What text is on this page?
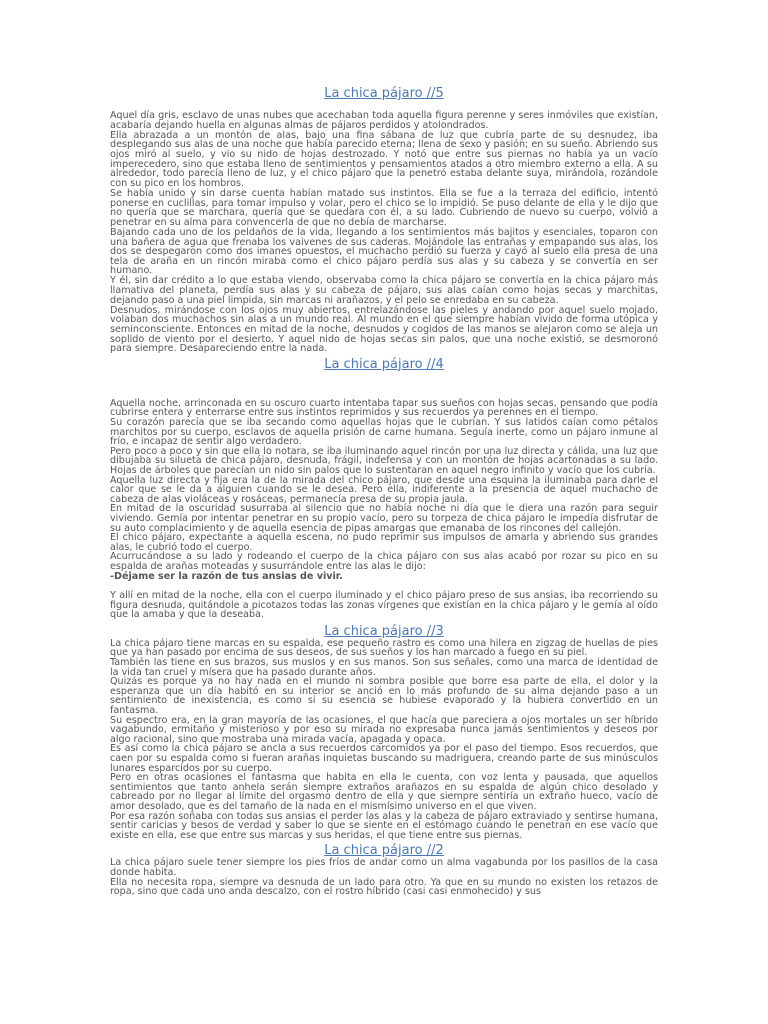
La chica pájaro //5

Aquel día gris, esclavo de unas nubes que acechaban toda aquella figura perenne y seres inmóviles que existían, acabaría dejando huella en algunas almas de pájaros perdidos y atolondrados.

Ella abrazada a un montón de alas, bajo una fina sábana de luz que cubría parte de su desnudez, iba desplegando sus alas de una noche que había parecido eterna; llena de sexo y pasión; en su sueño. Abriendo sus ojos miró al suelo, y vio su nido de hojas destrozado. Y notó que entre sus piernas no había ya un vacío imperecedero, sino que estaba lleno de sentimientos y pensamientos atados a otro miembro externo a ella. A su alrededor, todo parecía lleno de luz, y el chico pájaro que la penetró estaba delante suya, mirándola, rozándole con su pico en los hombros.

Se había unido y sin darse cuenta habían matado sus instintos. Ella se fue a la terraza del edificio, intentó ponerse en cuclillas, para tomar impulso y volar, pero el chico se lo impidió. Se puso delante de ella y le dijo que no quería que se marchara, quería que se quedara con él, a su lado. Cubriendo de nuevo su cuerpo, volvió a penetrar en su alma para convencerla de que no debía de marcharse.

Bajando cada uno de los peldaños de la vida, llegando a los sentimientos más bajitos y esenciales, toparon con una bañera de agua que frenaba los vaivenes de sus caderas. Mojándole las entrañas y empapando sus alas, los dos se despegaron como dos imanes opuestos, el muchacho perdió su fuerza y cayó al suelo ella presa de una tela de araña en un rincón miraba como el chico pájaro perdía sus alas y su cabeza y se convertía en ser humano.

Y él, sin dar crédito a lo que estaba viendo, observaba como la chica pájaro se convertía en la chica pájaro más llamativa del planeta, perdía sus alas y su cabeza de pájaro, sus alas caían como hojas secas y marchitas, dejando paso a una piel limpida, sin marcas ni arañazos, y el pelo se enredaba en su cabeza.

Desnudos, mirándose con los ojos muy abiertos, entrelazándose las pieles y andando por aquel suelo mojado, volaban dos muchachos sin alas a un mundo real. Al mundo en el que siempre habían vivido de forma utópica y seminconsciente. Entonces en mitad de la noche, desnudos y cogidos de las manos se alejaron como se aleja un soplido de viento por el desierto. Y aquel nido de hojas secas sin palos, que una noche existió, se desmoronó para siempre. Desapareciendo entre la nada.

La chica pájaro //4

Aquella noche, arrinconada en su oscuro cuarto intentaba tapar sus sueños con hojas secas, pensando que podía cubrirse entera y enterrarse entre sus instintos reprimidos y sus recuerdos ya perennes en el tiempo.

Su corazón parecía que se iba secando como aquellas hojas que le cubrían. Y sus latidos caían como pétalos marchitos por su cuerpo, esclavos de aquella prisión de carne humana. Seguía inerte, como un pájaro inmune al frío, e incapaz de sentir algo verdadero.

Pero poco a poco y sin que ella lo notara, se iba iluminando aquel rincón por una luz directa y cálida, una luz que dibujaba su silueta de chica pájaro, desnuda, frágil, indefensa y con un montón de hojas acartonadas a su lado. Hojas de árboles que parecían un nido sin palos que lo sustentaran en aquel negro infinito y vacío que los cubría.

Aquella luz directa y fija era la de la mirada del chico pájaro, que desde una esquina la iluminaba para darle el calor que se le da a alguien cuando se le desea. Pero ella, indiferente a la presencia de aquel muchacho de cabeza de alas violáceas y rosáceas, permanecía presa de su propia jaula.

En mitad de la oscuridad susurraba al silencio que no había noche ni día que le diera una razón para seguir viviendo. Gemía por intentar penetrar en su propio vacío, pero su torpeza de chica pájaro le impedía disfrutar de su auto complacimiento y de aquella esencia de pipas amargas que emanaba de los rincones del callejón.

El chico pájaro, expectante a aquella escena, no pudo reprimir sus impulsos de amarla y abriendo sus grandes alas, le cubrió todo el cuerpo.

Acurrucándose a su lado y rodeando el cuerpo de la chica pájaro con sus alas acabó por rozar su pico en su espalda de arañas moteadas y susurrándole entre las alas le dijo:

-Déjame ser la razón de tus ansias de vivir.

Y allí en mitad de la noche, ella con el cuerpo iluminado y el chico pájaro preso de sus ansias, iba recorriendo su figura desnuda, quitándole a picotazos todas las zonas vírgenes que existían en la chica pájaro y le gemía al oído que la amaba y que la deseaba.

La chica pájaro //3

La chica pájaro tiene marcas en su espalda, ese pequeño rastro es como una hilera en zigzag de huellas de pies que ya han pasado por encima de sus deseos, de sus sueños y los han marcado a fuego en su piel.

También las tiene en sus brazos, sus muslos y en sus manos. Son sus señales, como una marca de identidad de la vida tan cruel y mísera que ha pasado durante años.

Quizás es porque ya no hay nada en el mundo ni sombra posible que borre esa parte de ella, el dolor y la esperanza que un día habitó en su interior se anció en lo más profundo de su alma dejando paso a un sentimiento de inexistencia, es como si su esencia se hubiese evaporado y la hubiera convertido en un fantasma.

Su espectro era, en la gran mayoría de las ocasiones, el que hacía que pareciera a ojos mortales un ser híbrido vagabundo, ermitaño y misterioso y por eso su mirada no expresaba nunca jamás sentimientos y deseos por algo racional, sino que mostraba una mirada vacía, apagada y opaca.

Es así como la chica pájaro se ancla a sus recuerdos carcomidos ya por el paso del tiempo. Esos recuerdos, que caen por su espalda como si fueran arañas inquietas buscando su madriguera, creando parte de sus minúsculos lunares esparcidos por su cuerpo.

Pero en otras ocasiones el fantasma que habita en ella le cuenta, con voz lenta y pausada, que aquellos sentimientos que tanto anhela serán siempre extraños arañazos en su espalda de algún chico desolado y cabreado por no llegar al límite del orgasmo dentro de ella y que siempre sentiría un extraño hueco, vacío de amor desolado, que es del tamaño de la nada en el mismísimo universo en el que viven.

Por esa razón soñaba con todas sus ansias el perder las alas y la cabeza de pájaro extraviado y sentirse humana, sentir caricias y besos de verdad y saber lo que se siente en el estómago cuando le penetran en ese vacío que existe en ella, ese que entre sus marcas y sus heridas, el que tiene entre sus piernas.

La chica pájaro //2

La chica pájaro suele tener siempre los pies fríos de andar como un alma vagabunda por los pasillos de la casa donde habita.

Ella no necesita ropa, siempre va desnuda de un lado para otro. Ya que en su mundo no existen los retazos de ropa, sino que cada uno anda descalzo, con el rostro híbrido (casi casi enmohecido) y sus
